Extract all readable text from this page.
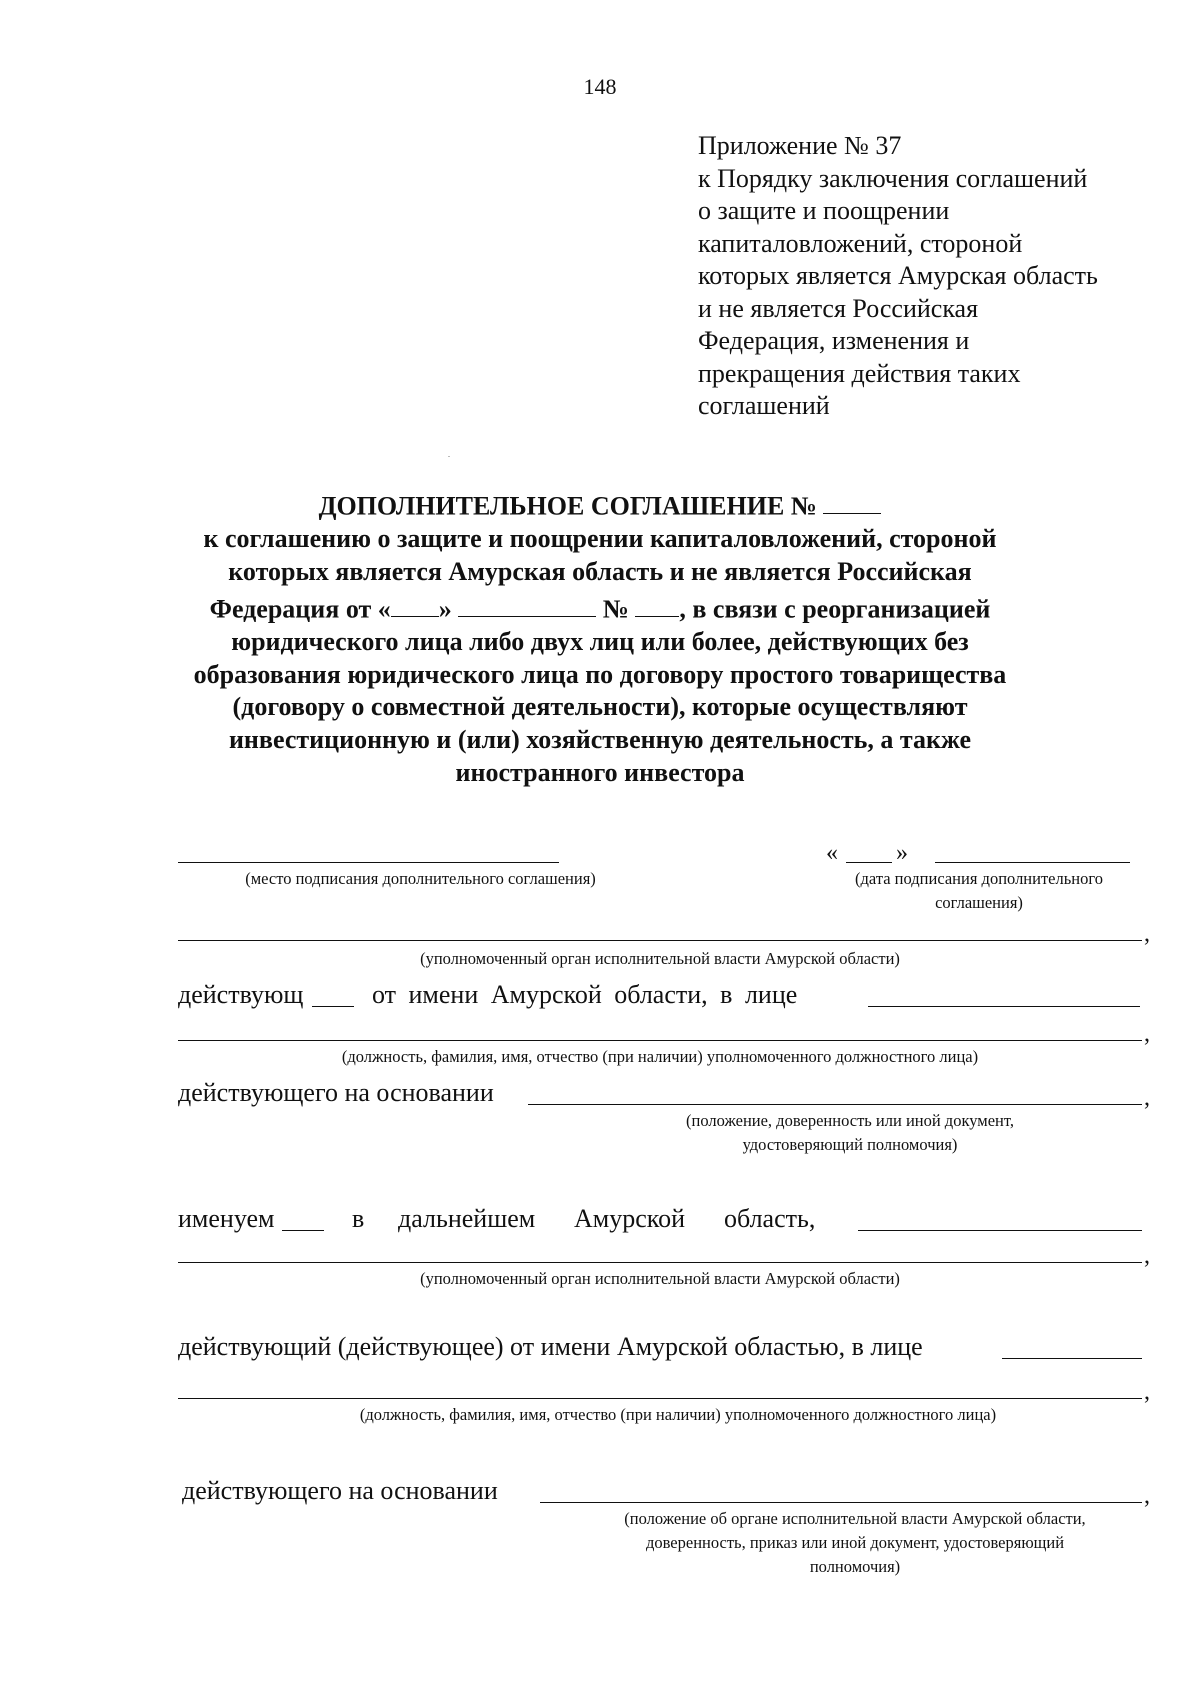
148
Приложение № 37
к Порядку заключения соглашений
о защите и поощрении
капиталовложений, стороной
которых является Амурская область
и не является Российская
Федерация, изменения и
прекращения действия таких
соглашений
ДОПОЛНИТЕЛЬНОЕ СОГЛАШЕНИЕ №
к соглашению о защите и поощрении капиталовложений, стороной
которых является Амурская область и не является Российская
Федерация от « »	№ , в связи с реорганизацией
юридического лица либо двух лиц или более, действующих без
образования юридического лица по договору простого товарищества
(договору о совместной деятельности), которые осуществляют
инвестиционную и (или) хозяйственную деятельность, а также
иностранного инвестора
(место подписания дополнительного соглашения)
« »
(дата подписания дополнительного
соглашения)
,
(уполномоченный орган исполнительной власти Амурской области)
действующ	от имени Амурской области, в лице
,
(должность, фамилия, имя, отчество (при наличии) уполномоченного должностного лица)
действующего на основании	,
(положение, доверенность или иной документ,
удостоверяющий полномочия)
именуем	в дальнейшем Амурской область,
,
(уполномоченный орган исполнительной власти Амурской области)
действующий (действующее) от имени Амурской областью, в лице
,
(должность, фамилия, имя, отчество (при наличии) уполномоченного должностного лица)
действующего на основании	,
(положение об органе исполнительной власти Амурской области,
доверенность, приказ или иной документ, удостоверяющий
полномочия)
